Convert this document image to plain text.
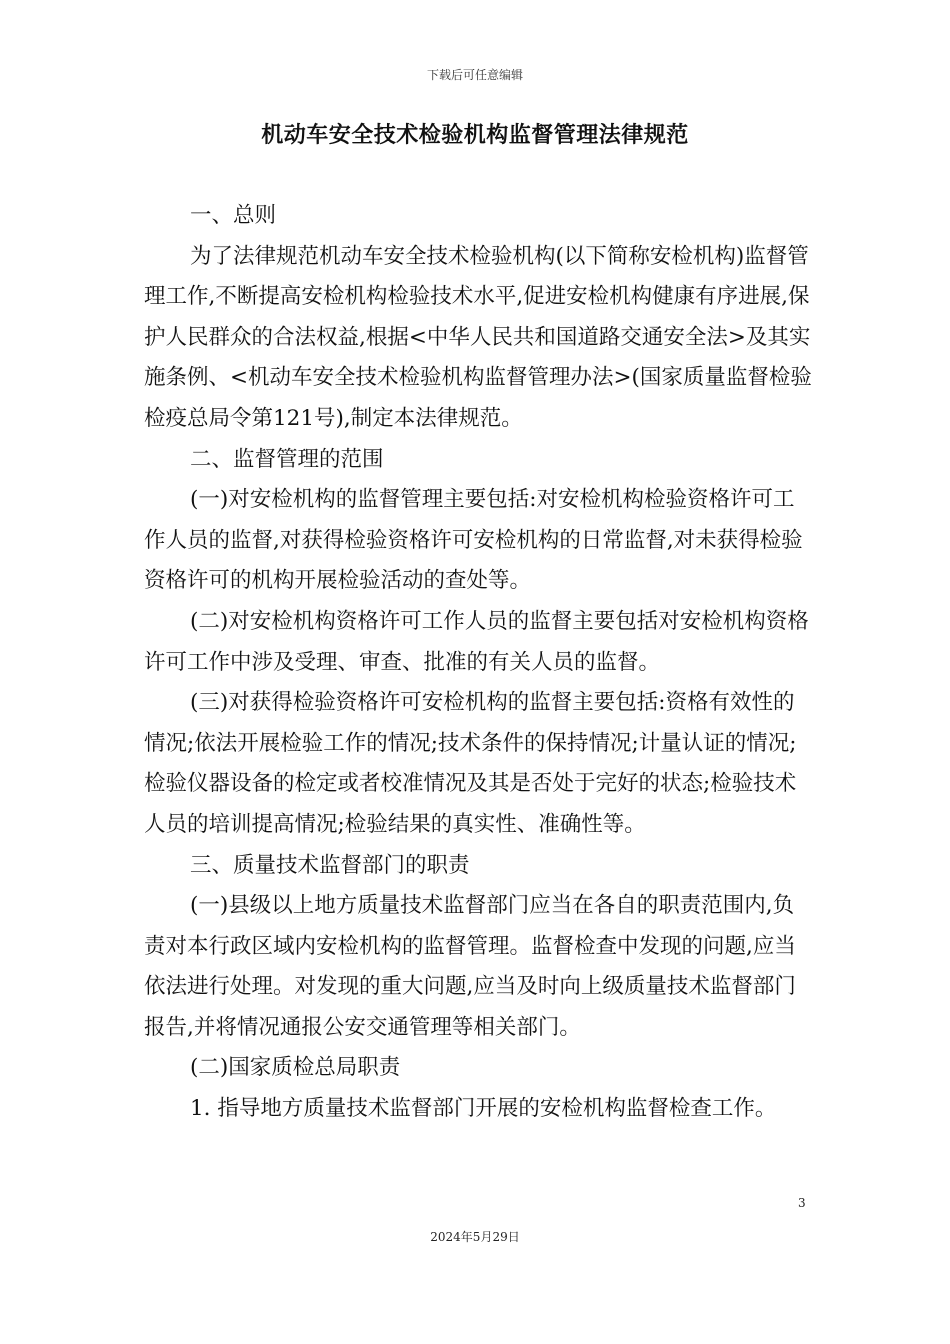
下载后可任意编辑
机动车安全技术检验机构监督管理法律规范

一、总则

为了法律规范机动车安全技术检验机构(以下简称安检机构)监督管理工作,不断提高安检机构检验技术水平,促进安检机构健康有序进展,保护人民群众的合法权益,根据<中华人民共和国道路交通安全法>及其实施条例、<机动车安全技术检验机构监督管理办法>(国家质量监督检验检疫总局令第121号),制定本法律规范。

二、监督管理的范围

(一)对安检机构的监督管理主要包括:对安检机构检验资格许可工作人员的监督,对获得检验资格许可安检机构的日常监督,对未获得检验资格许可的机构开展检验活动的查处等。

(二)对安检机构资格许可工作人员的监督主要包括对安检机构资格许可工作中涉及受理、审查、批准的有关人员的监督。

(三)对获得检验资格许可安检机构的监督主要包括:资格有效性的情况;依法开展检验工作的情况;技术条件的保持情况;计量认证的情况;检验仪器设备的检定或者校准情况及其是否处于完好的状态;检验技术人员的培训提高情况;检验结果的真实性、准确性等。

三、质量技术监督部门的职责

(一)县级以上地方质量技术监督部门应当在各自的职责范围内,负责对本行政区域内安检机构的监督管理。监督检查中发现的问题,应当依法进行处理。对发现的重大问题,应当及时向上级质量技术监督部门报告,并将情况通报公安交通管理等相关部门。

(二)国家质检总局职责

1. 指导地方质量技术监督部门开展的安检机构监督检查工作。

3
2024年5月29日
